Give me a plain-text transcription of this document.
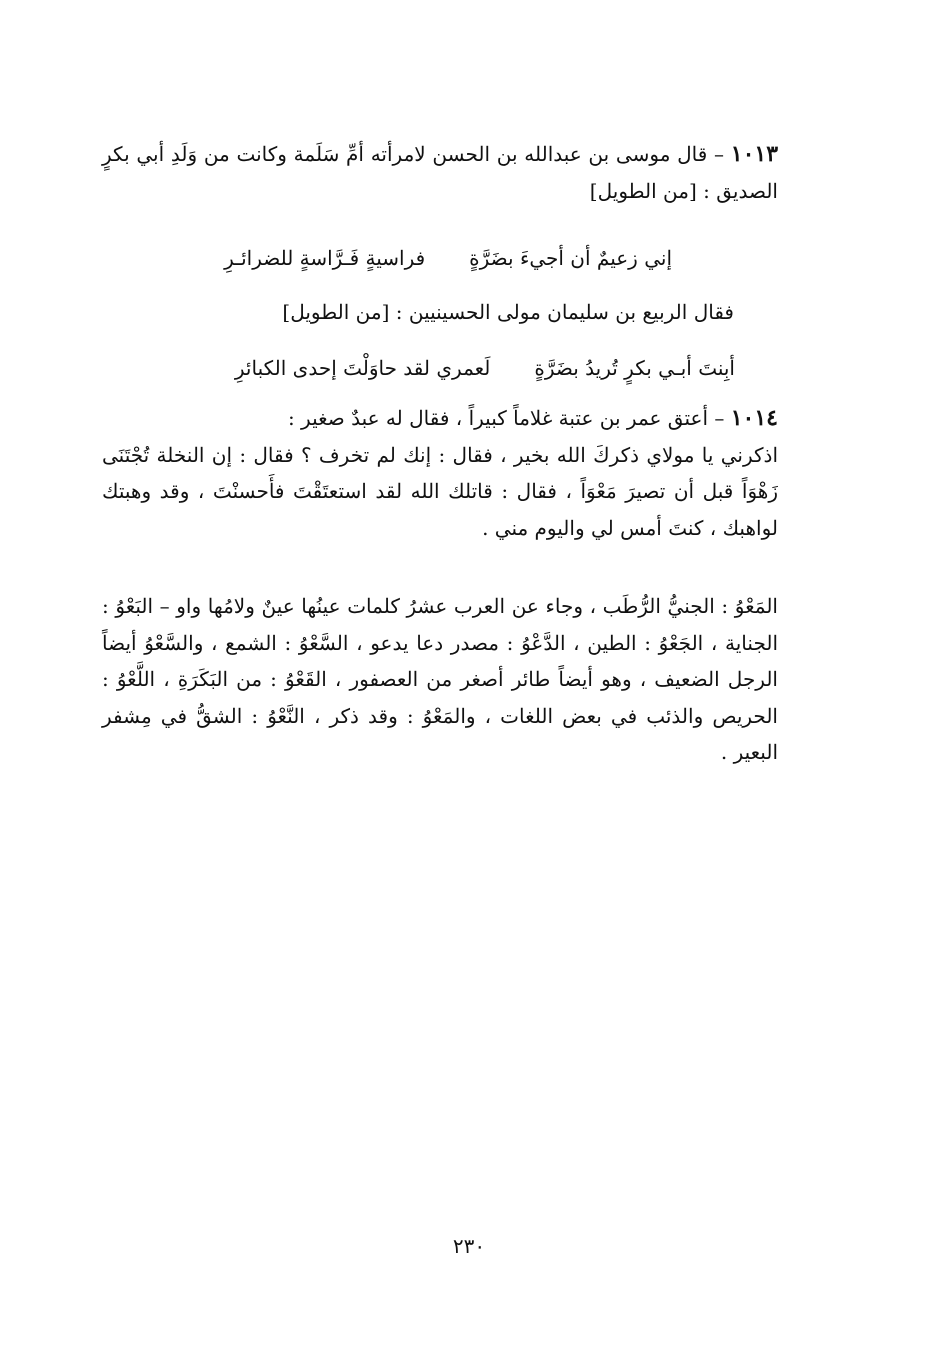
١٠١٣ – قال موسى بن عبدالله بن الحسن لامرأته أمِّ سَلَمة وكانت من وَلَدِ أبي بكرٍ الصديق : [من الطويل]

إني زعيمٌ أن أجيءَ بضَرَّةٍ
فراسيةٍ فَـرَّاسةٍ للضرائـرِ
فقال الربيع بن سليمان مولى الحسينيين : [من الطويل]
أبِنتَ أبـي بكرٍ تُريدُ بضَرَّةٍ
لَعمري لقد حاوَلْتَ إحدى الكبائرِ

١٠١٤ – أعتق عمر بن عتبة غلاماً كبيراً ، فقال له عبدٌ صغير :

اذكرني يا مولاي ذكركَ الله بخير ، فقال : إنك لم تخرف ؟ فقال : إن النخلة تُجْتَنَى زَهْوَاً قبل أن تصيرَ مَعْوَاً ، فقال : قاتلك الله لقد استعتَقْتَ فأَحسنْتَ ، وقد وهبتك لواهبك ، كنتَ أمس لي واليوم مني .

المَعْوُ : الجنيُّ الرُّطَب ، وجاء عن العرب عشرُ كلمات عينُها عينٌ ولامُها واو – البَعْوُ : الجناية ، الجَعْوُ : الطين ، الدَّعْوُ : مصدر دعا يدعو ، السَّعْوُ : الشمع ، والسَّعْوُ أيضاً الرجل الضعيف ، وهو أيضاً طائر أصغر من العصفور ، القَعْوُ : من البَكَرَةِ ، اللَّعْوُ : الحريص والذئب في بعض اللغات ، والمَعْوُ : وقد ذكر ، النَّعْوُ : الشقُّ في مِشفر البعير .

٢٣٠
